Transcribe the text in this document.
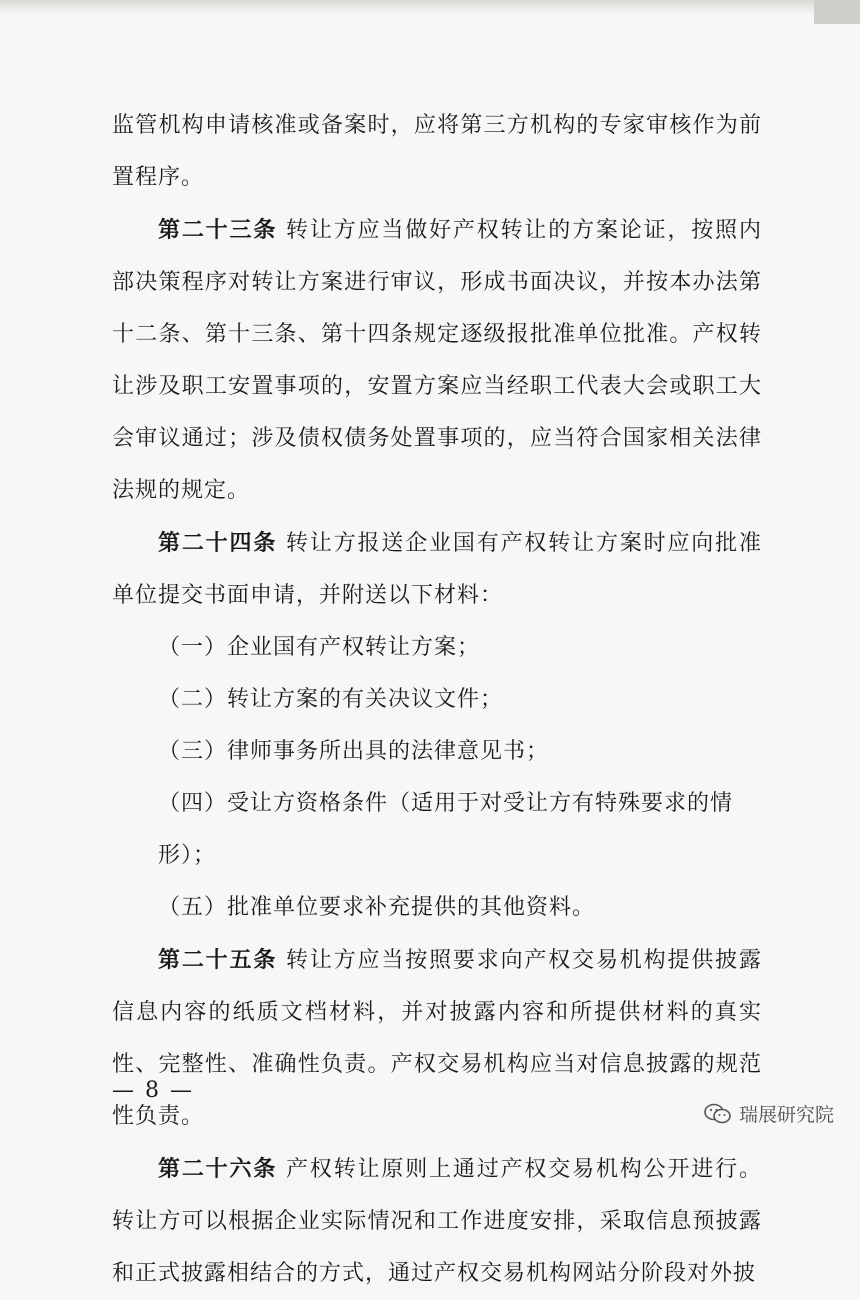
监管机构申请核准或备案时，应将第三方机构的专家审核作为前置程序。

第二十三条 转让方应当做好产权转让的方案论证，按照内部决策程序对转让方案进行审议，形成书面决议，并按本办法第十二条、第十三条、第十四条规定逐级报批准单位批准。产权转让涉及职工安置事项的，安置方案应当经职工代表大会或职工大会审议通过；涉及债权债务处置事项的，应当符合国家相关法律法规的规定。

第二十四条 转让方报送企业国有产权转让方案时应向批准单位提交书面申请，并附送以下材料：

（一）企业国有产权转让方案；

（二）转让方案的有关决议文件；

（三）律师事务所出具的法律意见书；

（四）受让方资格条件（适用于对受让方有特殊要求的情形）；

（五）批准单位要求补充提供的其他资料。

第二十五条 转让方应当按照要求向产权交易机构提供披露信息内容的纸质文档材料，并对披露内容和所提供材料的真实性、完整性、准确性负责。产权交易机构应当对信息披露的规范性负责。

第二十六条 产权转让原则上通过产权交易机构公开进行。转让方可以根据企业实际情况和工作进度安排，采取信息预披露和正式披露相结合的方式，通过产权交易机构网站分阶段对外披

— 8 —
瑞展研究院
